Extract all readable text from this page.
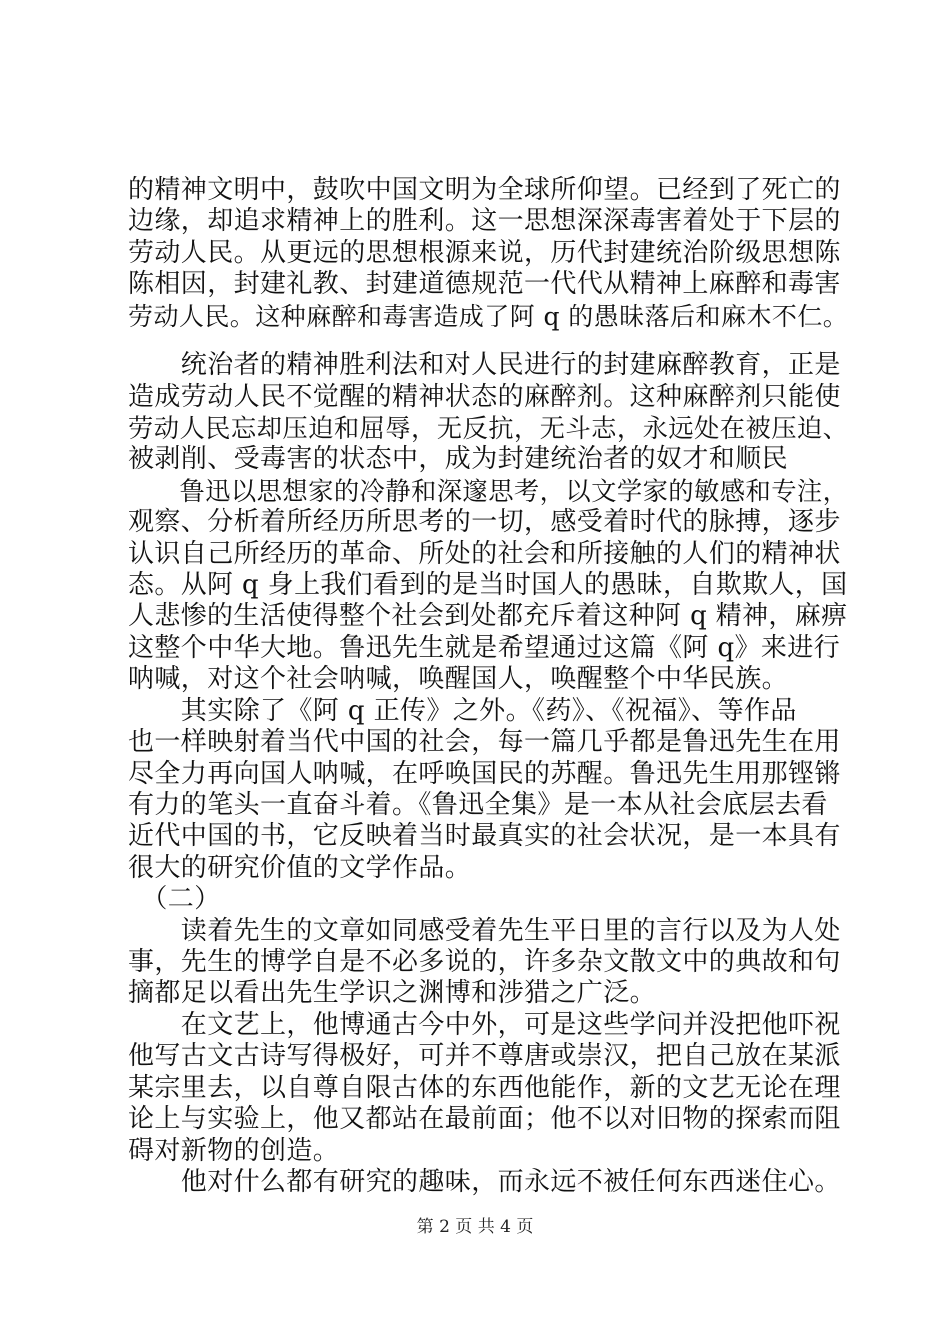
的精神文明中，鼓吹中国文明为全球所仰望。已经到了死亡的
边缘，却追求精神上的胜利。这一思想深深毒害着处于下层的
劳动人民。从更远的思想根源来说，历代封建统治阶级思想陈
陈相因，封建礼教、封建道德规范一代代从精神上麻醉和毒害
劳动人民。这种麻醉和毒害造成了阿 q 的愚昧落后和麻木不仁。
　　统治者的精神胜利法和对人民进行的封建麻醉教育，正是
造成劳动人民不觉醒的精神状态的麻醉剂。这种麻醉剂只能使
劳动人民忘却压迫和屈辱，无反抗，无斗志，永远处在被压迫、
被剥削、受毒害的状态中，成为封建统治者的奴才和顺民
　　鲁迅以思想家的冷静和深邃思考，以文学家的敏感和专注，
观察、分析着所经历所思考的一切，感受着时代的脉搏，逐步
认识自己所经历的革命、所处的社会和所接触的人们的精神状
态。从阿 q 身上我们看到的是当时国人的愚昧，自欺欺人，国
人悲惨的生活使得整个社会到处都充斥着这种阿 q 精神，麻痹
这整个中华大地。鲁迅先生就是希望通过这篇《阿 q》来进行
呐喊，对这个社会呐喊，唤醒国人，唤醒整个中华民族。
　　其实除了《阿 q 正传》之外。《药》、《祝福》、等作品
也一样映射着当代中国的社会，每一篇几乎都是鲁迅先生在用
尽全力再向国人呐喊，在呼唤国民的苏醒。鲁迅先生用那铿锵
有力的笔头一直奋斗着。《鲁迅全集》是一本从社会底层去看
近代中国的书，它反映着当时最真实的社会状况，是一本具有
很大的研究价值的文学作品。
　（二）
　　读着先生的文章如同感受着先生平日里的言行以及为人处
事，先生的博学自是不必多说的，许多杂文散文中的典故和句
摘都足以看出先生学识之渊博和涉猎之广泛。
　　在文艺上，他博通古今中外，可是这些学问并没把他吓祝
他写古文古诗写得极好，可并不尊唐或崇汉，把自己放在某派
某宗里去，以自尊自限古体的东西他能作，新的文艺无论在理
论上与实验上，他又都站在最前面；他不以对旧物的探索而阻
碍对新物的创造。
　　他对什么都有研究的趣味，而永远不被任何东西迷住心。
第 2 页 共 4 页
